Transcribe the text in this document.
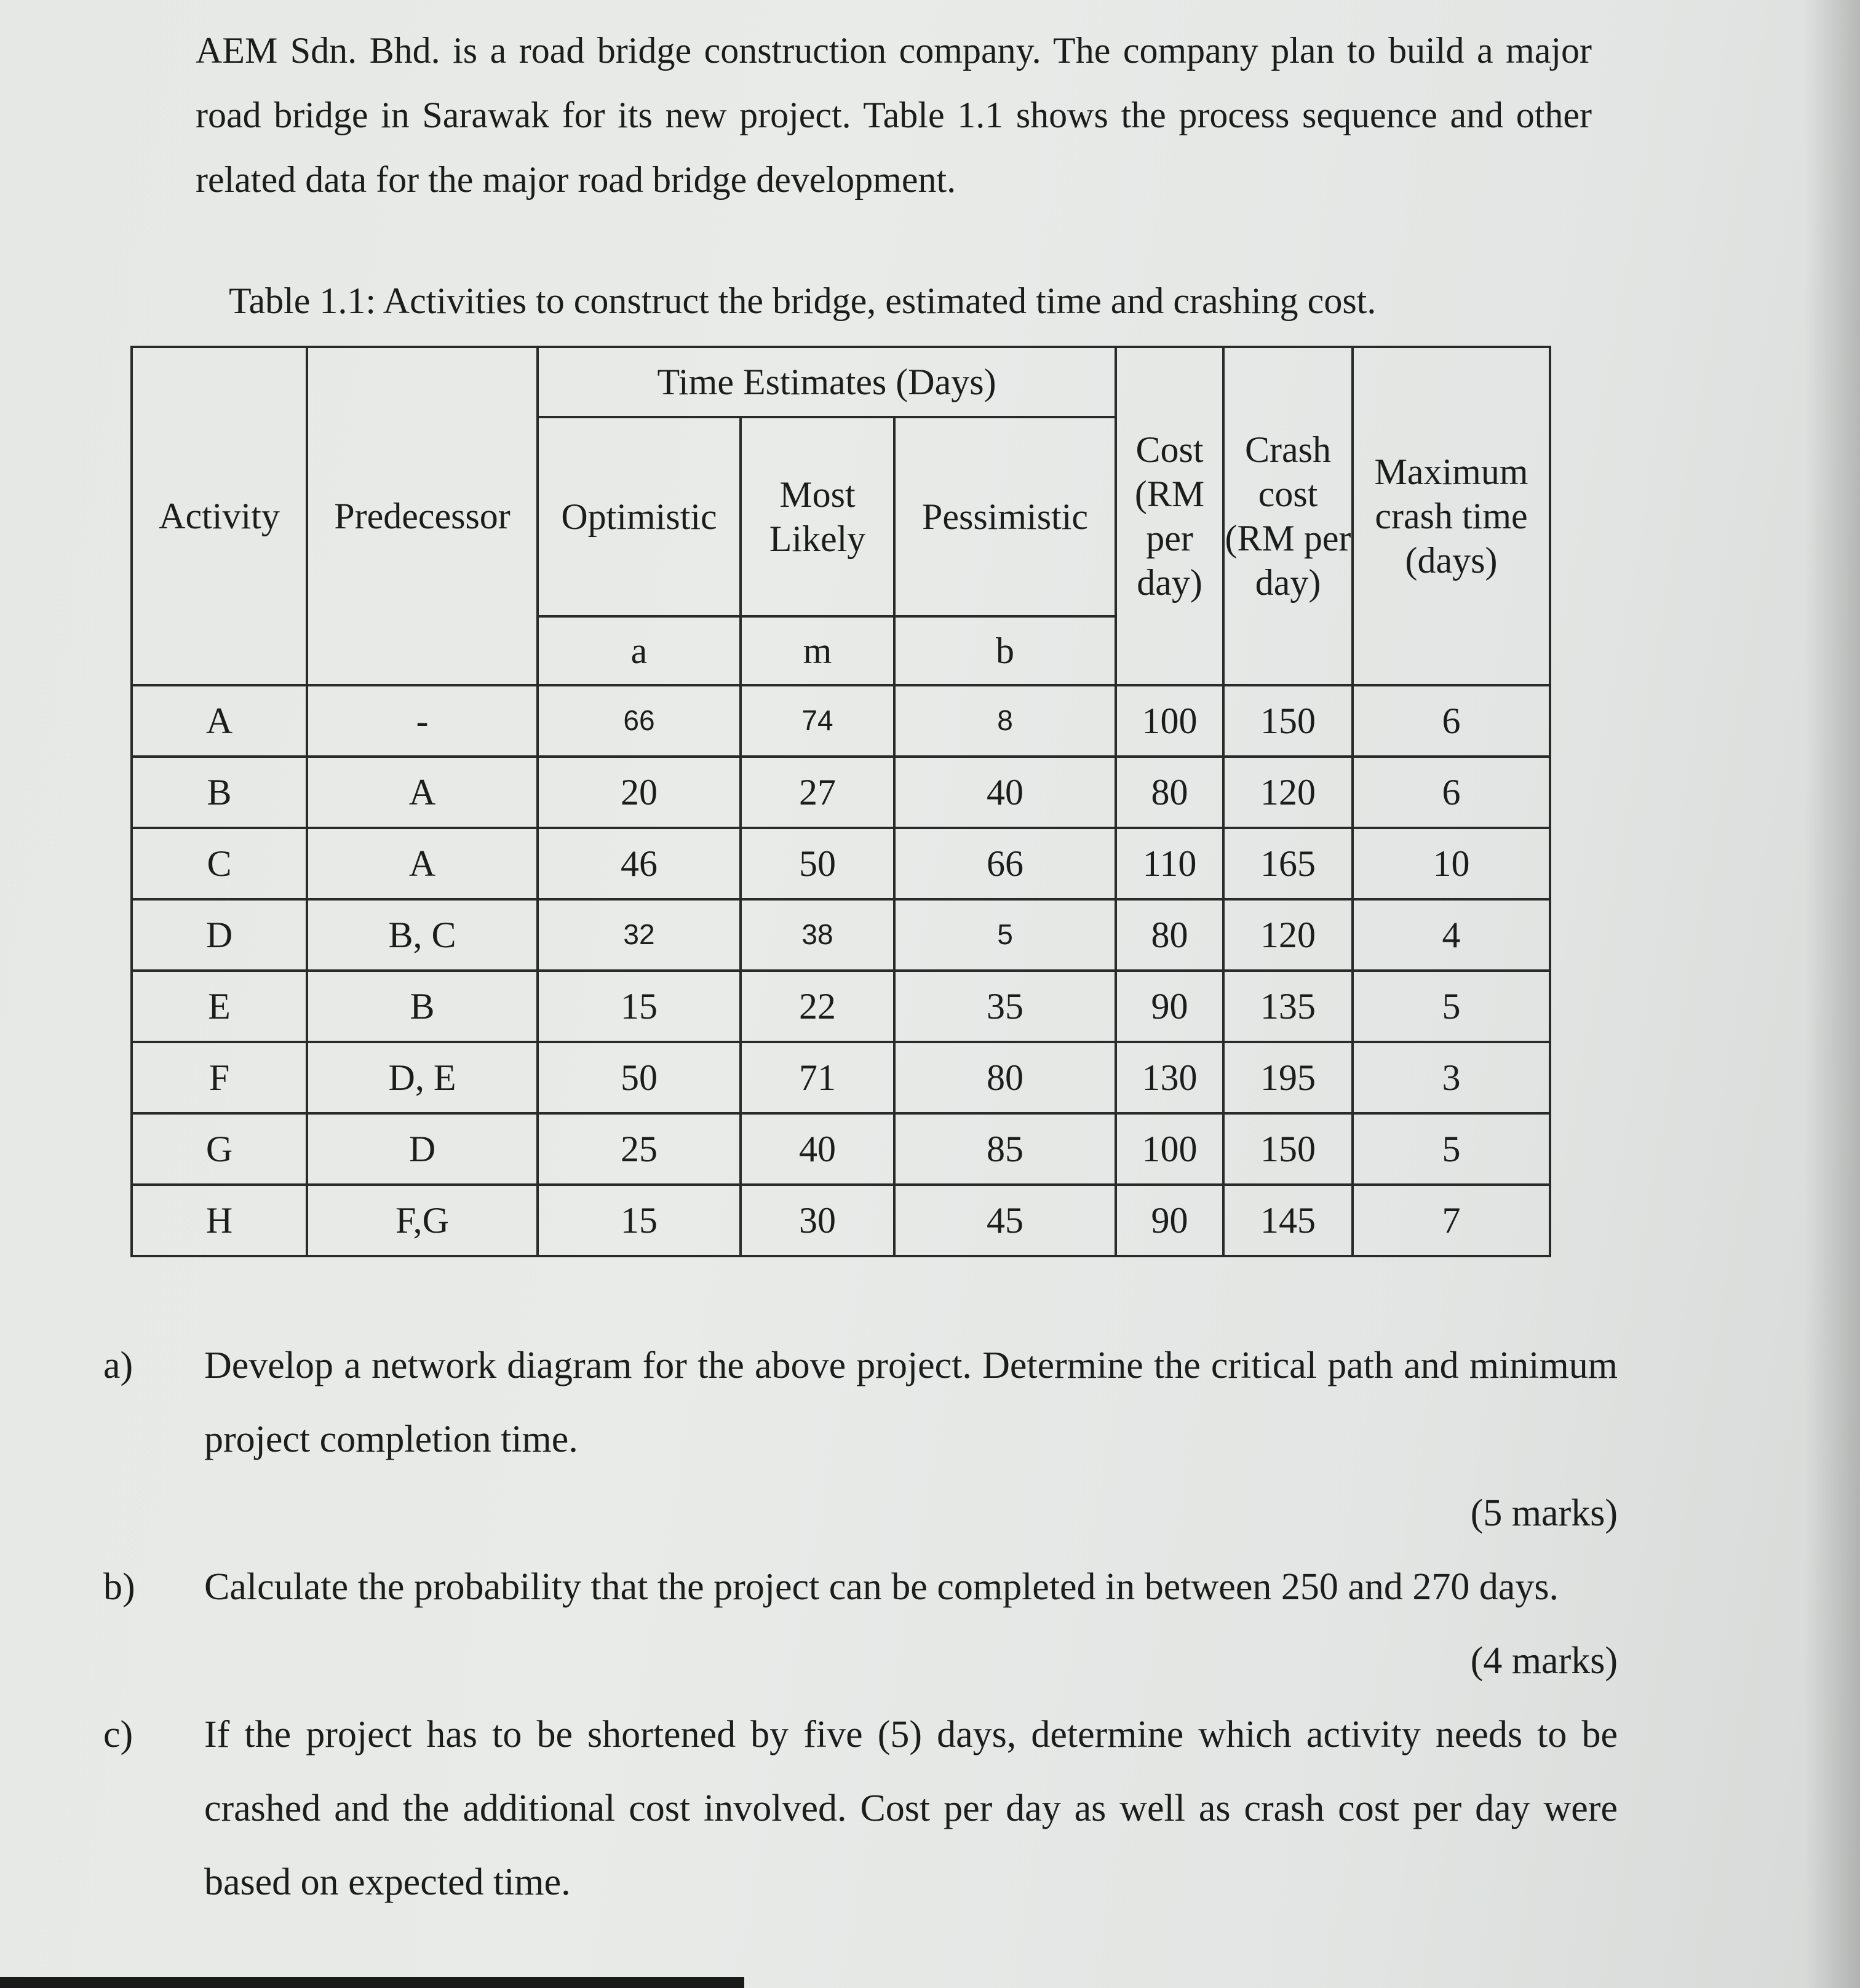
AEM Sdn. Bhd. is a road bridge construction company. The company plan to build a major road bridge in Sarawak for its new project. Table 1.1 shows the process sequence and other related data for the major road bridge development.
Table 1.1: Activities to construct the bridge, estimated time and crashing cost.
Activity	Predecessor	Time Estimates (Days)			Cost (RM per day)	Crash cost (RM per day)	Maximum crash time (days)
		Optimistic	Most Likely	Pessimistic			
		a	m	b			
A	-	66	74	8	100	150	6
B	A	20	27	40	80	120	6
C	A	46	50	66	110	165	10
D	B, C	32	38	5	80	120	4
E	B	15	22	35	90	135	5
F	D, E	50	71	80	130	195	3
G	D	25	40	85	100	150	5
H	F,G	15	30	45	90	145	7
a) Develop a network diagram for the above project. Determine the critical path and minimum project completion time.
(5 marks)
b) Calculate the probability that the project can be completed in between 250 and 270 days.
(4 marks)
c) If the project has to be shortened by five (5) days, determine which activity needs to be crashed and the additional cost involved. Cost per day as well as crash cost per day were based on expected time.
